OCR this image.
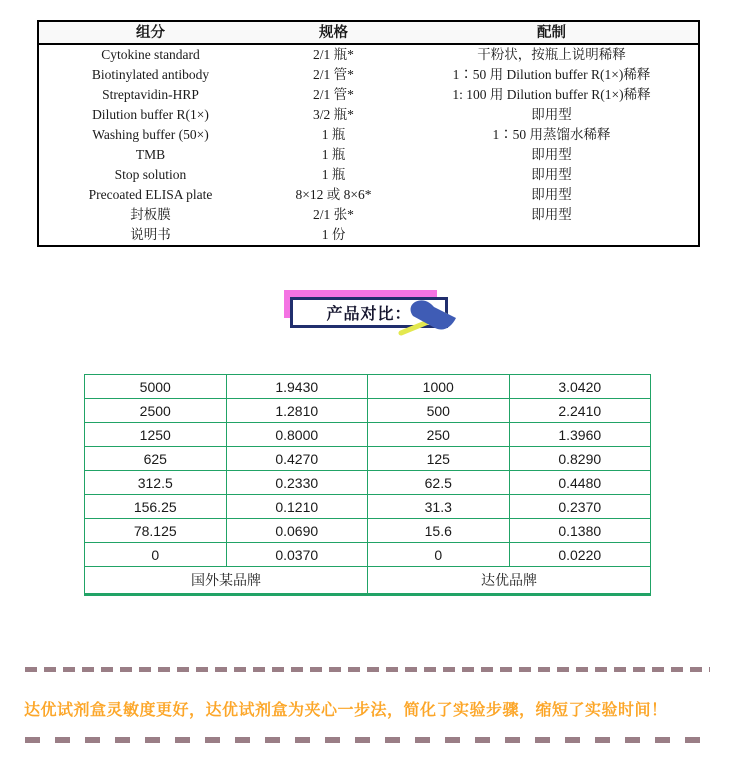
组分	规格	配制
Cytokine standard	2/1 瓶*	干粉状，按瓶上说明稀释
Biotinylated antibody	2/1 管*	1∶50 用 Dilution buffer R(1×)稀释
Streptavidin-HRP	2/1 管*	1: 100 用 Dilution buffer R(1×)稀释
Dilution buffer R(1×)	3/2 瓶*	即用型
Washing buffer (50×)	1 瓶	1∶50 用蒸馏水稀释
TMB	1 瓶	即用型
Stop solution	1 瓶	即用型
Precoated ELISA plate	8×12 或 8×6*	即用型
封板膜	2/1 张*	即用型
说明书	1 份
产品对比：
5000	1.9430	1000	3.0420
2500	1.2810	500	2.2410
1250	0.8000	250	1.3960
625	0.4270	125	0.8290
312.5	0.2330	62.5	0.4480
156.25	0.1210	31.3	0.2370
78.125	0.0690	15.6	0.1380
0	0.0370	0	0.0220
国外某品牌		达优品牌	
达优试剂盒灵敏度更好，达优试剂盒为夹心一步法，简化了实验步骤，缩短了实验时间！
